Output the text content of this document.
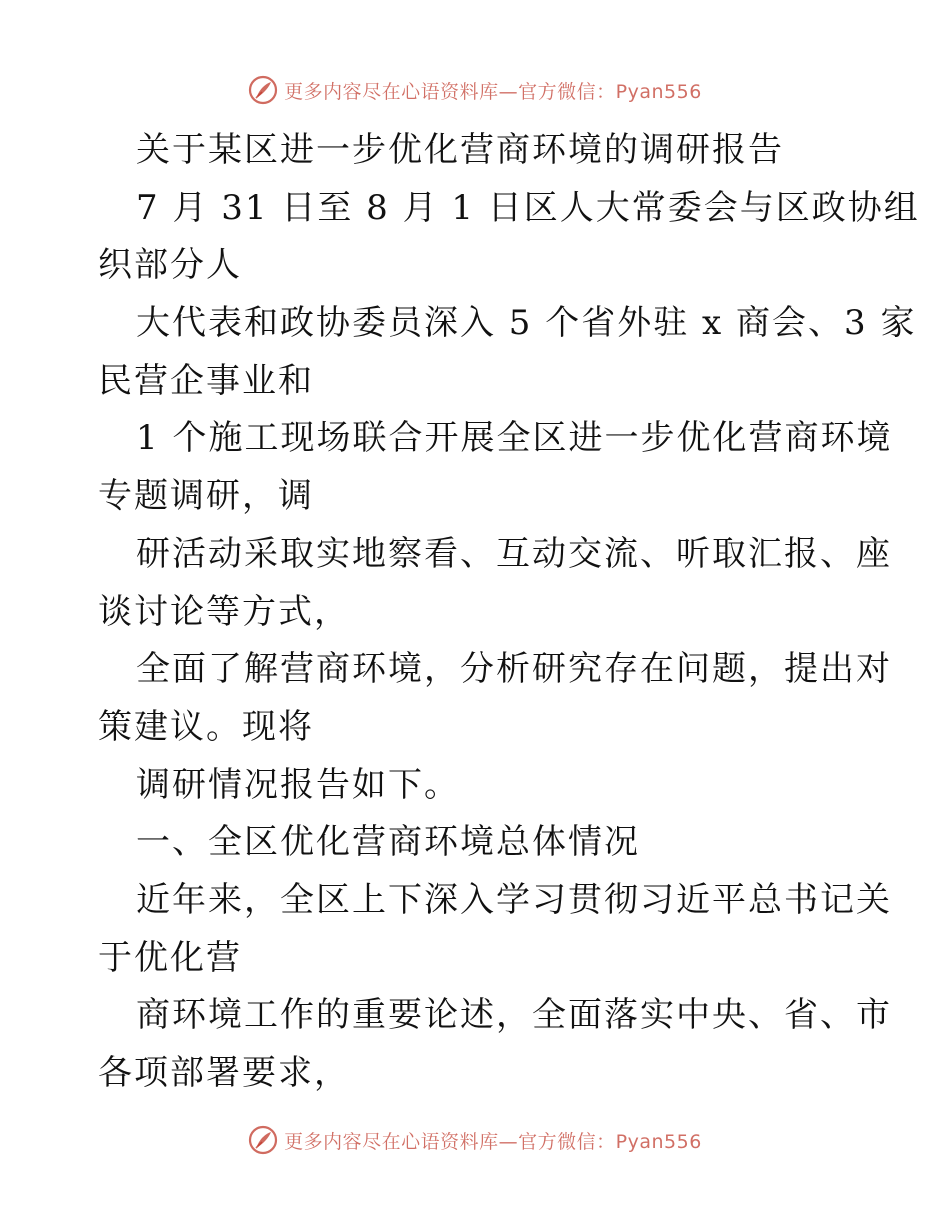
更多内容尽在心语资料库—官方微信：Pyan556
关于某区进一步优化营商环境的调研报告
7 月 31 日至 8 月 1 日区人大常委会与区政协组
织部分人
大代表和政协委员深入 5 个省外驻 x 商会、3 家
民营企事业和
1 个施工现场联合开展全区进一步优化营商环境
专题调研，调
研活动采取实地察看、互动交流、听取汇报、座
谈讨论等方式，
全面了解营商环境，分析研究存在问题，提出对
策建议。现将
调研情况报告如下。
一、全区优化营商环境总体情况
近年来，全区上下深入学习贯彻习近平总书记关
于优化营
商环境工作的重要论述，全面落实中央、省、市
各项部署要求，
更多内容尽在心语资料库—官方微信：Pyan556
